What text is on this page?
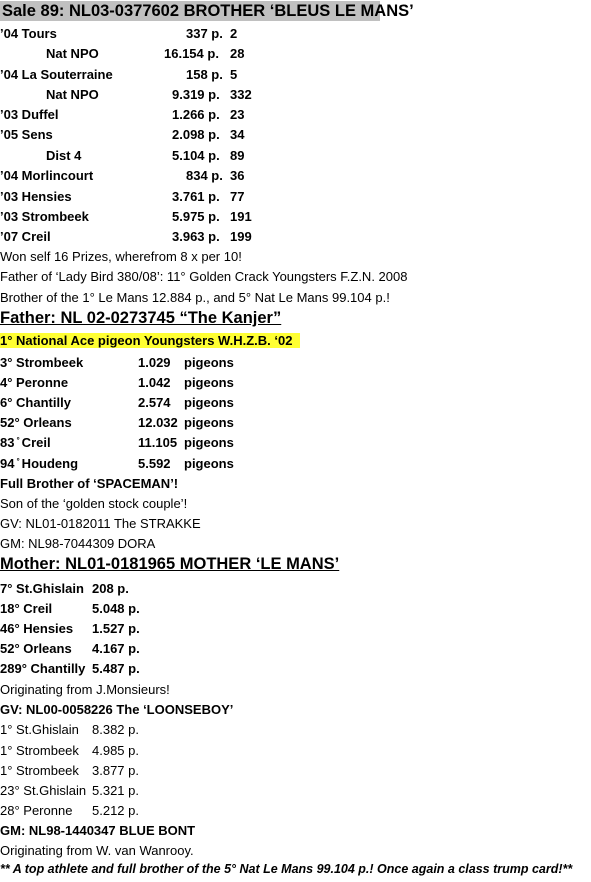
Sale 89: NL03-0377602 BROTHER ‘BLEUS LE MANS’
’04 Tours	337 p. 2
Nat NPO	16.154 p. 28
’04 La Souterraine	158 p. 5
Nat NPO	9.319 p. 332
’03 Duffel	1.266 p. 23
’05 Sens	2.098 p. 34
Dist 4	5.104 p. 89
’04 Morlincourt	834 p. 36
’03 Hensies	3.761 p. 77
’03 Strombeek	5.975 p. 191
’07 Creil	3.963 p. 199
Won self 16 Prizes, wherefrom 8 x per 10!
Father of ‘Lady Bird 380/08’: 11° Golden Crack Youngsters F.Z.N. 2008
Brother of the 1° Le Mans 12.884 p., and 5° Nat Le Mans 99.104 p.!
Father: NL 02-0273745 “The Kanjer”
1° National Ace pigeon Youngsters W.H.Z.B. ‘02
3° Strombeek	1.029 pigeons
4° Peronne	1.042 pigeons
6° Chantilly	2.574 pigeons
52° Orleans	12.032 pigeons
83 ̊ Creil	11.105 pigeons
94 ̊ Houdeng	5.592 pigeons
Full Brother of ‘SPACEMAN’!
Son of the ‘golden stock couple’!
GV: NL01-0182011 The STRAKKE
GM: NL98-7044309 DORA
Mother: NL01-0181965 MOTHER ‘LE MANS’
7° St.Ghislain 208 p.
18° Creil	5.048 p.
46° Hensies 1.527 p.
52° Orleans 4.167 p.
289° Chantilly 5.487 p.
Originating from J.Monsieurs!
GV: NL00-0058226 The ‘LOONSEBOY’
1° St.Ghislain 8.382 p.
1° Strombeek 4.985 p.
1° Strombeek 3.877 p.
23° St.Ghislain 5.321 p.
28° Peronne 5.212 p.
GM: NL98-1440347 BLUE BONT
Originating from W. van Wanrooy.
** A top athlete and full brother of the 5° Nat Le Mans 99.104 p.! Once again a class trump card!**
